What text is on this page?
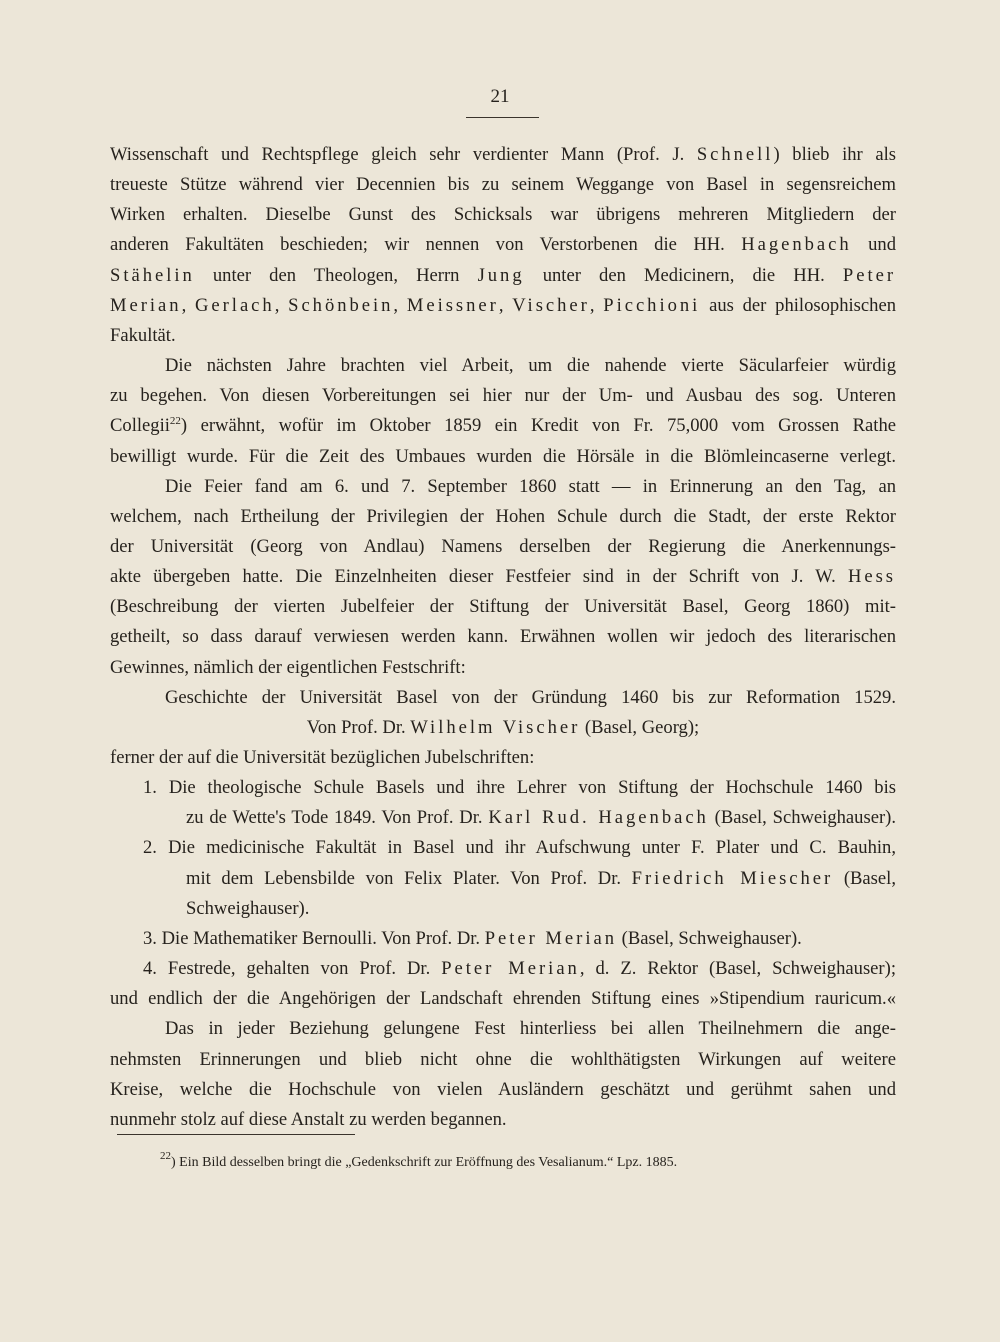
21
Wissenschaft und Rechtspflege gleich sehr verdienter Mann (Prof. J. Schnell) blieb ihr als
treueste Stütze während vier Decennien bis zu seinem Weggange von Basel in segensreichem
Wirken erhalten. Dieselbe Gunst des Schicksals war übrigens mehreren Mitgliedern der
anderen Fakultäten beschieden; wir nennen von Verstorbenen die HH. Hagenbach und
Stähelin unter den Theologen, Herrn Jung unter den Medicinern, die HH. Peter
Merian, Gerlach, Schönbein, Meissner, Vischer, Picchioni aus der philosophischen
Fakultät.
Die nächsten Jahre brachten viel Arbeit, um die nahende vierte Säcularfeier würdig
zu begehen. Von diesen Vorbereitungen sei hier nur der Um- und Ausbau des sog. Unteren
Collegii$^{22}$) erwähnt, wofür im Oktober 1859 ein Kredit von Fr. 75,000 vom Grossen Rathe
bewilligt wurde. Für die Zeit des Umbaues wurden die Hörsäle in die Blömleincaserne verlegt.
Die Feier fand am 6. und 7. September 1860 statt — in Erinnerung an den Tag, an
welchem, nach Ertheilung der Privilegien der Hohen Schule durch die Stadt, der erste Rektor
der Universität (Georg von Andlau) Namens derselben der Regierung die Anerkennungs-
akte übergeben hatte. Die Einzelnheiten dieser Festfeier sind in der Schrift von J. W. Hess
(Beschreibung der vierten Jubelfeier der Stiftung der Universität Basel, Georg 1860) mit-
getheilt, so dass darauf verwiesen werden kann. Erwähnen wollen wir jedoch des literarischen
Gewinnes, nämlich der eigentlichen Festschrift:
Geschichte der Universität Basel von der Gründung 1460 bis zur Reformation 1529.
Von Prof. Dr. Wilhelm Vischer (Basel, Georg);
ferner der auf die Universität bezüglichen Jubelschriften:
1. Die theologische Schule Basels und ihre Lehrer von Stiftung der Hochschule 1460 bis
zu de Wette's Tode 1849. Von Prof. Dr. Karl Rud. Hagenbach (Basel, Schweighauser).
2. Die medicinische Fakultät in Basel und ihr Aufschwung unter F. Plater und C. Bauhin,
mit dem Lebensbilde von Felix Plater. Von Prof. Dr. Friedrich Miescher (Basel,
Schweighauser).
3. Die Mathematiker Bernoulli. Von Prof. Dr. Peter Merian (Basel, Schweighauser).
4. Festrede, gehalten von Prof. Dr. Peter Merian, d. Z. Rektor (Basel, Schweighauser);
und endlich der die Angehörigen der Landschaft ehrenden Stiftung eines »Stipendium rauricum.«
Das in jeder Beziehung gelungene Fest hinterliess bei allen Theilnehmern die ange-
nehmsten Erinnerungen und blieb nicht ohne die wohlthätigsten Wirkungen auf weitere
Kreise, welche die Hochschule von vielen Ausländern geschätzt und gerühmt sahen und
nunmehr stolz auf diese Anstalt zu werden begannen.
$^{22}$) Ein Bild desselben bringt die „Gedenkschrift zur Eröffnung des Vesalianum.“ Lpz. 1885.
